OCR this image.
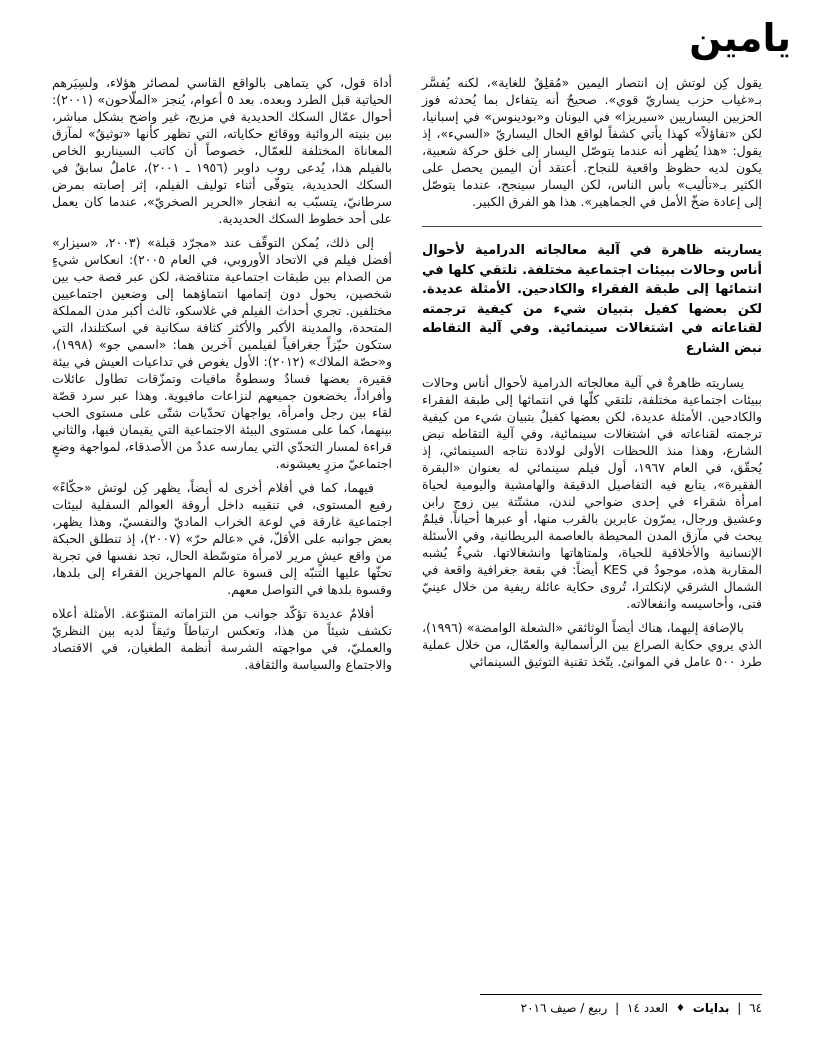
يامين

يقول كِن لوتش إن انتصار اليمين «مُقلِقٌ للغاية»، لكنه يُفسَّر بـ«غياب حزب يساريّ قوي». صحيحٌ أنه يتفاءل بما يُحدثه فوز الحزبين اليساريين «سيريزا» في اليونان و«بودينوس» في إسبانيا، لكن «تفاؤلاً» كهذا يأتي كشفاً لواقع الحال اليساريّ «السيء»، إذ يقول: «هذا يُظهر أنه عندما يتوصّل اليسار إلى خلق حركة شعبية، يكون لديه حظوظ واقعية للنجاح. أعتقد أن اليمين يحصل على الكثير بـ«تأليب» بأس الناس، لكن اليسار سينجح، عندما يتوصّل إلى إعادة ضخّ الأمل في الجماهير». هذا هو الفرق الكبير.

يساريته ظاهرة في آلية معالجاته الدرامية لأحوال أناس وحالات ببيئات اجتماعية مختلفة. تلتقي كلها في انتمائها إلى طبقة الفقراء والكادحين. الأمثلة عديدة. لكن بعضها كفيل بتبيان شيء من كيفية ترجمته لقناعاته في اشتغالات سينمائية. وفي آلية التقاطه نبض الشارع

يساريته ظاهرةٌ في آلية معالجاته الدرامية لأحوال أناس وحالات ببيئات اجتماعية مختلفة، تلتقي كلّها في انتمائها إلى طبقة الفقراء والكادحين. الأمثلة عديدة، لكن بعضها كفيلٌ بتبيان شيء من كيفية ترجمته لقناعاته في اشتغالات سينمائية، وفي آلية التقاطه نبض الشارع، وهذا منذ اللحظات الأولى لولادة نتاجه السينمائي، إذ يُحقّق، في العام ١٩٦٧، أول فيلم سينمائي له بعنوان «البقرة الفقيرة»، يتابع فيه التفاصيل الدقيقة والهامشية واليومية لحياة امرأة شقراء في إحدى ضواحي لندن، مشتّتة بين زوج رابن وعشيق ورجال، يمرّون عابرين بالقرب منها، أو عبرها أحياناً. فيلمٌ يبحث في مآزق المدن المحيطة بالعاصمة البريطانية، وفي الأسئلة الإنسانية والأخلاقية للحياة، ولمتاهاتها وانشغالاتها. شيءٌ يُشبه المقاربة هذه، موجودٌ في KES أيضاً: في بقعة جغرافية واقعة في الشمال الشرقي لإنكلترا، تُروى حكاية عائلة ريفية من خلال عينيّ فتى، وأحاسيسه وانفعالاته.

بالإضافة إليهما، هناك أيضاً الوثائقي «الشعلة الوامضة» (١٩٩٦)، الذي يروي حكاية الصراع بين الرأسمالية والعمّال، من خلال عملية طرد ٥٠٠ عامل في الموانئ. يتّخذ تقنية التوثيق السينمائي

أداة قول، كي يتماهى بالواقع القاسي لمصائر هؤلاء، ولسِيَرهم الحياتية قبل الطرد وبعده. بعد ٥ أعوام، يُنجز «الملّاحون» (٢٠٠١): أحوال عمّال السكك الحديدية في مزيج، غير واضح بشكل مباشر، بين بنيته الروائية ووقائع حكاياته، التي تظهر كأنها «توثيقٌ» لمآزق المعاناة المختلفة للعمّال، خصوصاً أن كاتب السيناريو الخاص بالفيلم هذا، يُدعى روب داوبر (١٩٥٦ ـ ٢٠٠١)، عاملٌ سابقٌ في السكك الحديدية، يتوفّى أثناء توليف الفيلم، إثر إصابته بمرض سرطانيّ، يتسبّب به انفجار «الحرير الصخريّ»، عندما كان يعمل على أحد خطوط السكك الحديدية.

إلى ذلك، يُمكن التوقّف عند «مجرّد قبلة» (٢٠٠٣، «سيزار» أفضل فيلم في الاتحاد الأوروبي، في العام ٢٠٠٥): انعكاس شيءٍ من الصدام بين طبقات اجتماعية متناقضة، لكن عبر قصة حب بين شخصين، يحول دون إتمامها انتماؤهما إلى وضعين اجتماعيين مختلفين. تجري أحداث الفيلم في غلاسكو، ثالث أكبر مدن المملكة المتحدة، والمدينة الأكبر والأكثر كثافة سكانية في اسكتلندا، التي ستكون حيّزاً جغرافياً لفيلمين آخرين هما: «اسمي جو» (١٩٩٨)، و«حصّة الملاك» (٢٠١٢): الأول يغوص في تداعيات العيش في بيئة فقيرة، بعضها فسادٌ وسطوةُ مافيات وتمزّقات تطاول عائلات وأفراداً، يخضعون جميعهم لنزاعات مافيوية. وهذا عبر سرد قصّة لقاء بين رجل وامرأة، يواجهان تحدّيات شتّى على مستوى الحب بينهما، كما على مستوى البيئة الاجتماعية التي يقيمان فيها، والثاني قراءة لمسار التحدّي التي يمارسه عددٌ من الأصدقاء، لمواجهة وضعٍ اجتماعيّ مزرٍ يعيشونه.

فيهما، كما في أفلام أخرى له أيضاً، يظهر كِن لوتش «حكّاءً» رفيع المستوى، في تنقيبه داخل أروقة العوالم السفلية لبيئات اجتماعية غارقة في لوعة الخراب الماديّ والنفسيّ، وهذا يظهر، بعض جوانبه على الأقلّ، في «عالم حرّ» (٢٠٠٧)، إذ تنطلق الحبكة من واقع عيشٍ مرير لامرأة متوسّطة الحال، تجد نفسها في تجربة تحثّها عليها التنبّه إلى قسوة عالم المهاجرين الفقراء إلى بلدها، وقسوة بلدها في التواصل معهم.

أفلامٌ عديدة تؤكّد جوانب من التزاماته المتنوّعة. الأمثلة أعلاه تكشف شيئاً من هذا، وتعكس ارتباطاً وثيقاً لديه بين النظريّ والعمليّ، في مواجهته الشرسة أنظمة الطغيان، في الاقتصاد والاجتماع والسياسة والثقافة.

٦٤ | بدايات ♦ العدد ١٤ | ربيع / صيف ٢٠١٦
